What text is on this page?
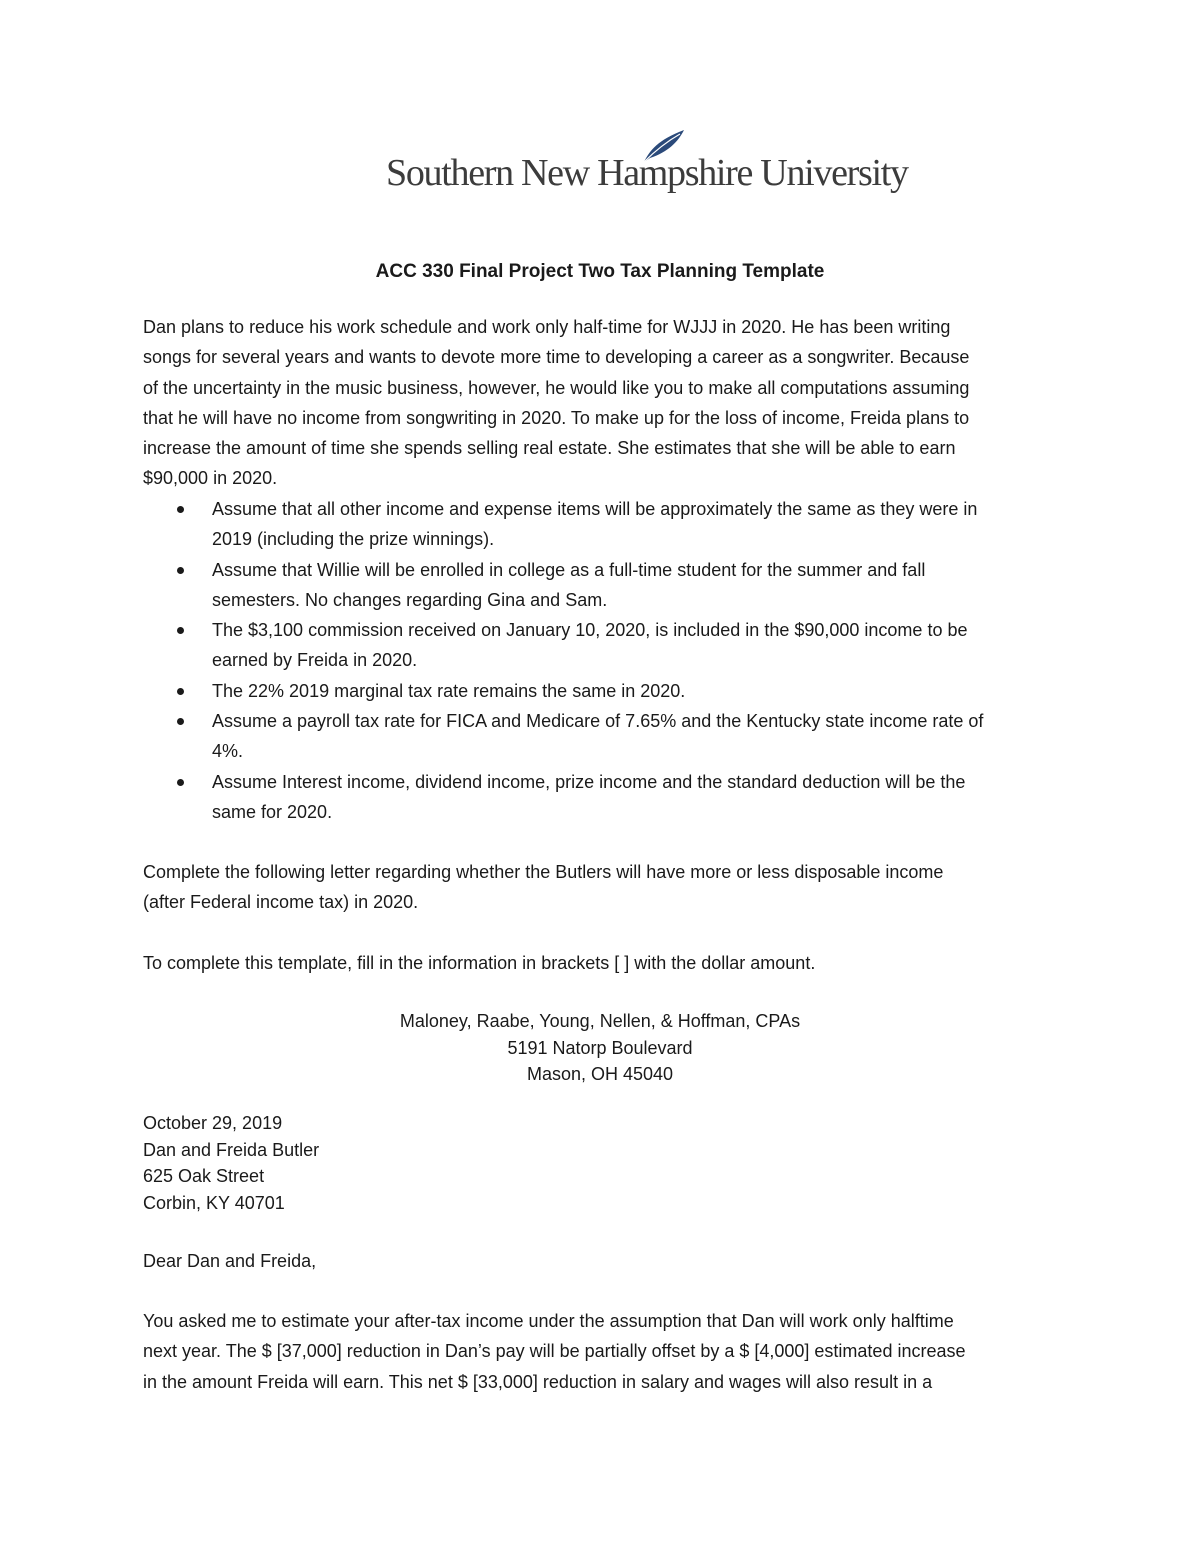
Southern New Hampshire University
ACC 330 Final Project Two Tax Planning Template
Dan plans to reduce his work schedule and work only half-time for WJJJ in 2020. He has been writing
songs for several years and wants to devote more time to developing a career as a songwriter. Because
of the uncertainty in the music business, however, he would like you to make all computations assuming
that he will have no income from songwriting in 2020. To make up for the loss of income, Freida plans to
increase the amount of time she spends selling real estate. She estimates that she will be able to earn
$90,000 in 2020.
Assume that all other income and expense items will be approximately the same as they were in
2019 (including the prize winnings).
Assume that Willie will be enrolled in college as a full-time student for the summer and fall
semesters. No changes regarding Gina and Sam.
The $3,100 commission received on January 10, 2020, is included in the $90,000 income to be
earned by Freida in 2020.
The 22% 2019 marginal tax rate remains the same in 2020.
Assume a payroll tax rate for FICA and Medicare of 7.65% and the Kentucky state income rate of
4%.
Assume Interest income, dividend income, prize income and the standard deduction will be the
same for 2020.
Complete the following letter regarding whether the Butlers will have more or less disposable income
(after Federal income tax) in 2020.
To complete this template, fill in the information in brackets [ ] with the dollar amount.
Maloney, Raabe, Young, Nellen, & Hoffman, CPAs
5191 Natorp Boulevard
Mason, OH 45040
October 29, 2019
Dan and Freida Butler
625 Oak Street
Corbin, KY 40701
Dear Dan and Freida,
You asked me to estimate your after-tax income under the assumption that Dan will work only halftime
next year. The $ [37,000] reduction in Dan’s pay will be partially offset by a $ [4,000] estimated increase
in the amount Freida will earn. This net $ [33,000] reduction in salary and wages will also result in a
